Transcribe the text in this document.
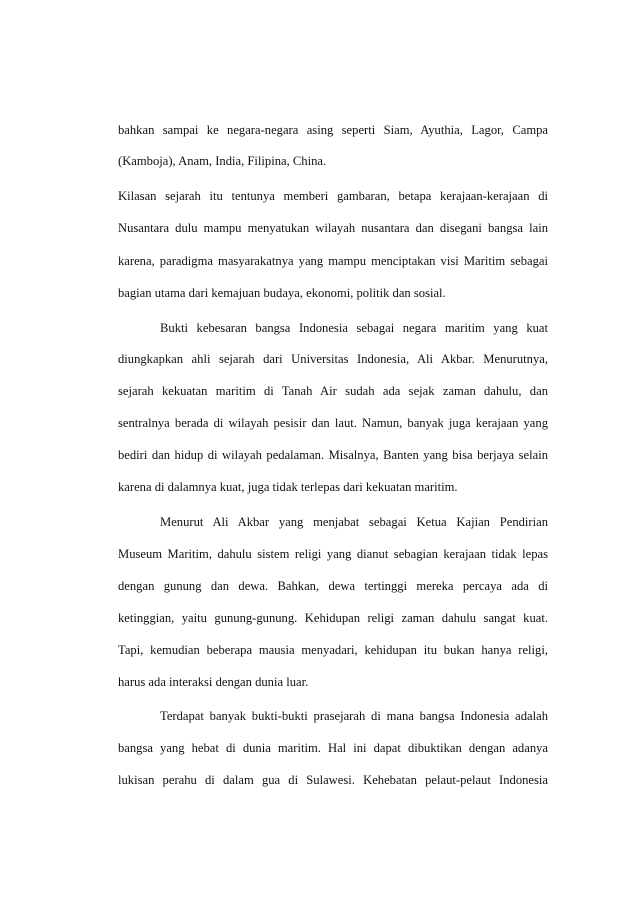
bahkan sampai ke negara-negara asing seperti Siam, Ayuthia, Lagor, Campa
(Kamboja), Anam, India, Filipina, China.
Kilasan sejarah itu tentunya memberi gambaran, betapa kerajaan-kerajaan di
Nusantara dulu mampu menyatukan wilayah nusantara dan disegani bangsa lain
karena, paradigma masyarakatnya yang mampu menciptakan visi Maritim sebagai
bagian utama dari kemajuan budaya, ekonomi, politik dan sosial.
Bukti kebesaran bangsa Indonesia sebagai negara maritim yang kuat
diungkapkan ahli sejarah dari Universitas Indonesia, Ali Akbar. Menurutnya,
sejarah kekuatan maritim di Tanah Air sudah ada sejak zaman dahulu, dan
sentralnya berada di wilayah pesisir dan laut. Namun, banyak juga kerajaan yang
bediri dan hidup di wilayah pedalaman. Misalnya, Banten yang bisa berjaya selain
karena di dalamnya kuat, juga tidak terlepas dari kekuatan maritim.
Menurut Ali Akbar yang menjabat sebagai Ketua Kajian Pendirian
Museum Maritim, dahulu sistem religi yang dianut sebagian kerajaan tidak lepas
dengan gunung dan dewa. Bahkan, dewa tertinggi mereka percaya ada di
ketinggian, yaitu gunung-gunung. Kehidupan religi zaman dahulu sangat kuat.
Tapi, kemudian beberapa mausia menyadari, kehidupan itu bukan hanya religi,
harus ada interaksi dengan dunia luar.
Terdapat banyak bukti-bukti prasejarah di mana bangsa Indonesia adalah
bangsa yang hebat di dunia maritim. Hal ini dapat dibuktikan dengan adanya
lukisan perahu di dalam gua di Sulawesi. Kehebatan pelaut-pelaut Indonesia
